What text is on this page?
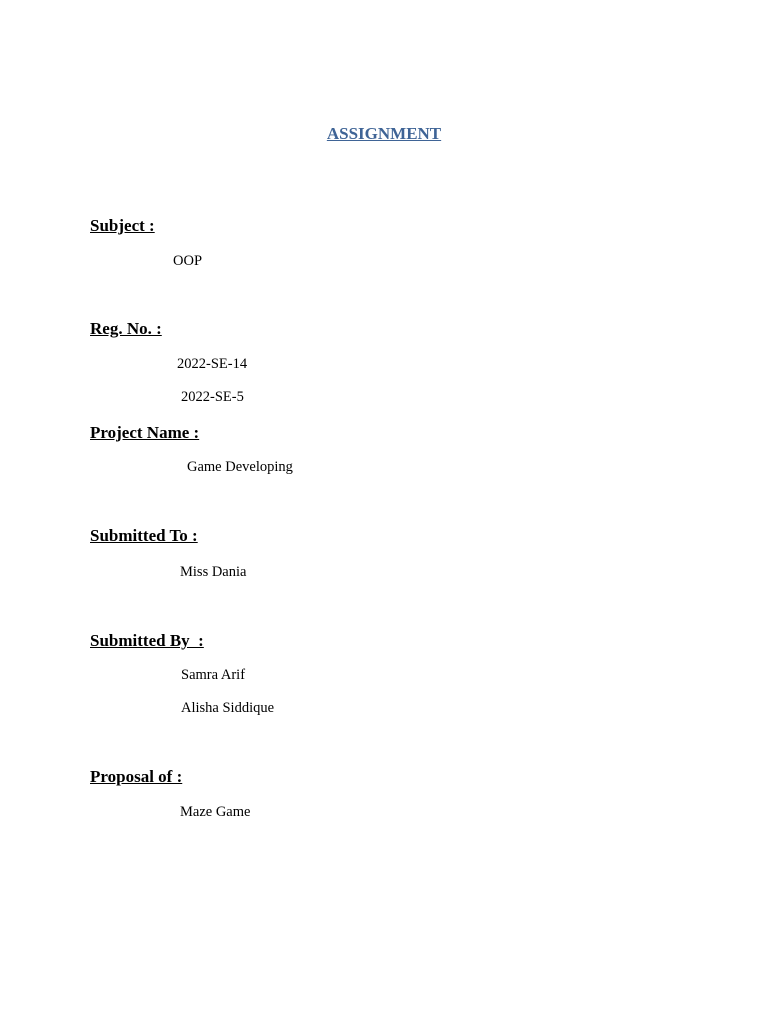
ASSIGNMENT
Subject :
OOP
Reg. No. :
2022-SE-14
2022-SE-5
Project Name :
Game Developing
Submitted To :
Miss Dania
Submitted By  :
Samra Arif
Alisha Siddique
Proposal of :
Maze Game
